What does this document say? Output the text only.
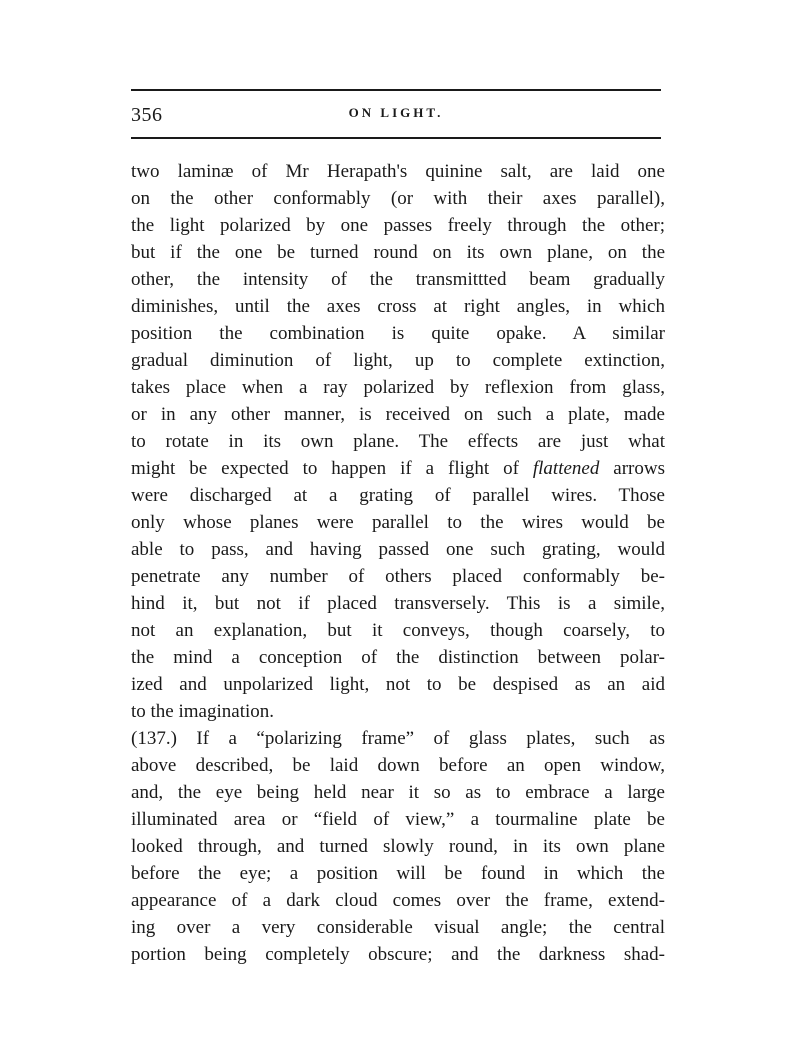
356	ON LIGHT.
two laminæ of Mr Herapath's quinine salt, are laid one
on the other conformably (or with their axes parallel),
the light polarized by one passes freely through the other;
but if the one be turned round on its own plane, on the
other, the intensity of the transmittted beam gradually
diminishes, until the axes cross at right angles, in which
position the combination is quite opake. A similar
gradual diminution of light, up to complete extinction,
takes place when a ray polarized by reflexion from glass,
or in any other manner, is received on such a plate, made
to rotate in its own plane. The effects are just what
might be expected to happen if a flight of flattened arrows
were discharged at a grating of parallel wires. Those
only whose planes were parallel to the wires would be
able to pass, and having passed one such grating, would
penetrate any number of others placed conformably be-
hind it, but not if placed transversely. This is a simile,
not an explanation, but it conveys, though coarsely, to
the mind a conception of the distinction between polar-
ized and unpolarized light, not to be despised as an aid
to the imagination.
(137.) If a “polarizing frame” of glass plates, such as
above described, be laid down before an open window,
and, the eye being held near it so as to embrace a large
illuminated area or “field of view,” a tourmaline plate be
looked through, and turned slowly round, in its own plane
before the eye; a position will be found in which the
appearance of a dark cloud comes over the frame, extend-
ing over a very considerable visual angle; the central
portion being completely obscure; and the darkness shad-
